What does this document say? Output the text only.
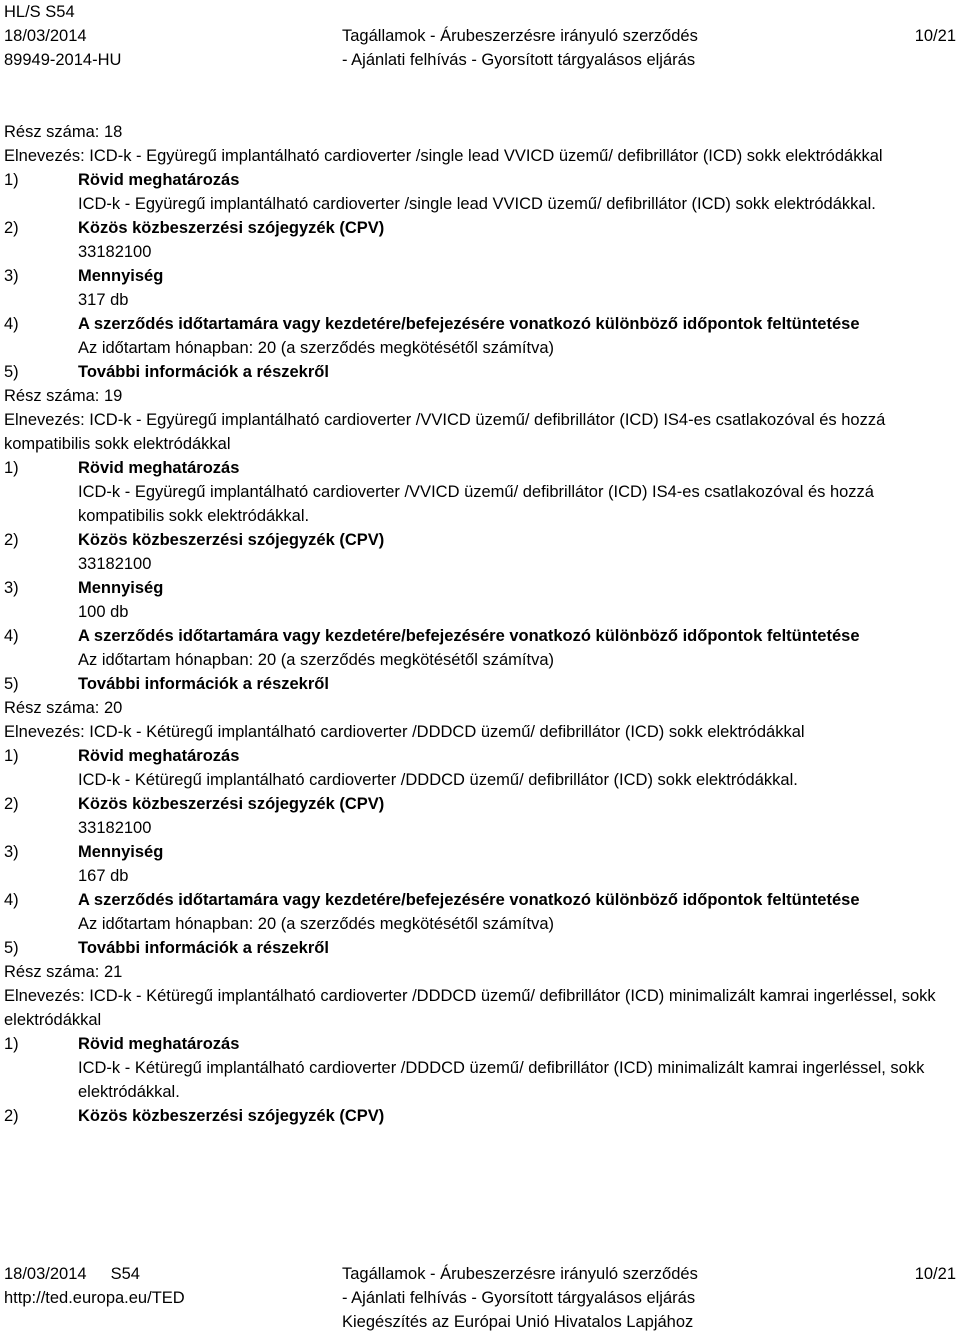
HL/S S54
18/03/2014	Tagállamok - Árubeszerzésre irányuló szerződés	10/21
89949-2014-HU	- Ajánlati felhívás - Gyorsított tárgyalásos eljárás
Rész száma: 18
Elnevezés: ICD-k - Együregű implantálható cardioverter /single lead VVICD üzemű/ defibrillátor (ICD) sokk elektródákkal
1)	Rövid meghatározás
ICD-k - Együregű implantálható cardioverter /single lead VVICD üzemű/ defibrillátor (ICD) sokk elektródákkal.
2)	Közös közbeszerzési szójegyzék (CPV)
33182100
3)	Mennyiség
317 db
4)	A szerződés időtartamára vagy kezdetére/befejezésére vonatkozó különböző időpontok feltüntetése
Az időtartam hónapban: 20 (a szerződés megkötésétől számítva)
5)	További információk a részekről
Rész száma: 19
Elnevezés: ICD-k - Együregű implantálható cardioverter /VVICD üzemű/ defibrillátor (ICD) IS4-es csatlakozóval és hozzá kompatibilis sokk elektródákkal
1)	Rövid meghatározás
ICD-k - Együregű implantálható cardioverter /VVICD üzemű/ defibrillátor (ICD) IS4-es csatlakozóval és hozzá kompatibilis sokk elektródákkal.
2)	Közös közbeszerzési szójegyzék (CPV)
33182100
3)	Mennyiség
100 db
4)	A szerződés időtartamára vagy kezdetére/befejezésére vonatkozó különböző időpontok feltüntetése
Az időtartam hónapban: 20 (a szerződés megkötésétől számítva)
5)	További információk a részekről
Rész száma: 20
Elnevezés: ICD-k - Kétüregű implantálható cardioverter /DDDCD üzemű/ defibrillátor (ICD) sokk elektródákkal
1)	Rövid meghatározás
ICD-k - Kétüregű implantálható cardioverter /DDDCD üzemű/ defibrillátor (ICD) sokk elektródákkal.
2)	Közös közbeszerzési szójegyzék (CPV)
33182100
3)	Mennyiség
167 db
4)	A szerződés időtartamára vagy kezdetére/befejezésére vonatkozó különböző időpontok feltüntetése
Az időtartam hónapban: 20 (a szerződés megkötésétől számítva)
5)	További információk a részekről
Rész száma: 21
Elnevezés: ICD-k - Kétüregű implantálható cardioverter /DDDCD üzemű/ defibrillátor (ICD) minimalizált kamrai ingerléssel, sokk elektródákkal
1)	Rövid meghatározás
ICD-k - Kétüregű implantálható cardioverter /DDDCD üzemű/ defibrillátor (ICD) minimalizált kamrai ingerléssel, sokk elektródákkal.
2)	Közös közbeszerzési szójegyzék (CPV)
18/03/2014 S54	Tagállamok - Árubeszerzésre irányuló szerződés	10/21
http://ted.europa.eu/TED	- Ajánlati felhívás - Gyorsított tárgyalásos eljárás
Kiegészítés az Európai Unió Hivatalos Lapjához
